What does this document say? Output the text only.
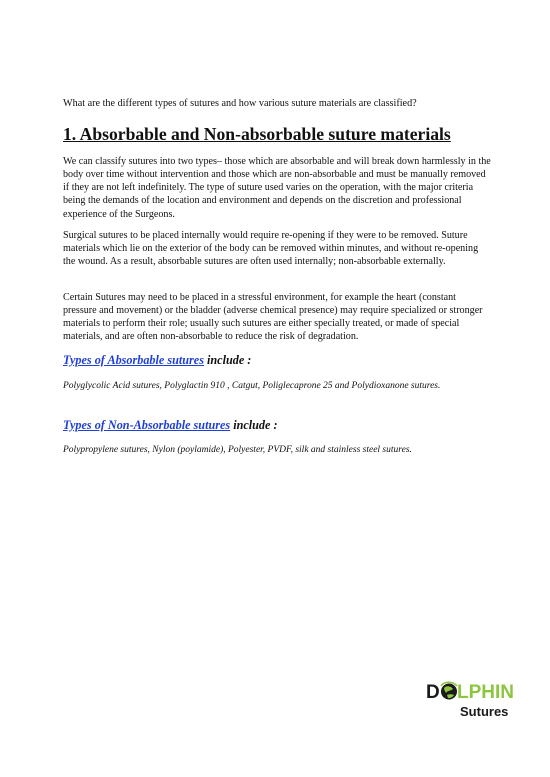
What are the different types of sutures and how various suture materials are classified?

1. Absorbable and Non-absorbable suture materials

We can classify sutures into two types– those which are absorbable and will break down harmlessly in the body over time without intervention and those which are non-absorbable and must be manually removed if they are not left indefinitely. The type of suture used varies on the operation, with the major criteria being the demands of the location and environment and depends on the discretion and professional experience of the Surgeons.

Surgical sutures to be placed internally would require re-opening if they were to be removed. Suture materials which lie on the exterior of the body can be removed within minutes, and without re-opening the wound. As a result, absorbable sutures are often used internally; non-absorbable externally.

Certain Sutures may need to be placed in a stressful environment, for example the heart (constant pressure and movement) or the bladder (adverse chemical presence) may require specialized or stronger materials to perform their role; usually such sutures are either specially treated, or made of special materials, and are often non-absorbable to reduce the risk of degradation.

Types of Absorbable sutures include :

Polyglycolic Acid sutures, Polyglactin 910 , Catgut, Poliglecaprone 25 and Polydioxanone sutures.

Types of Non-Absorbable sutures include :

Polypropylene sutures, Nylon (poylamide), Polyester, PVDF, silk and stainless steel sutures.

D LPHIN
Sutures
